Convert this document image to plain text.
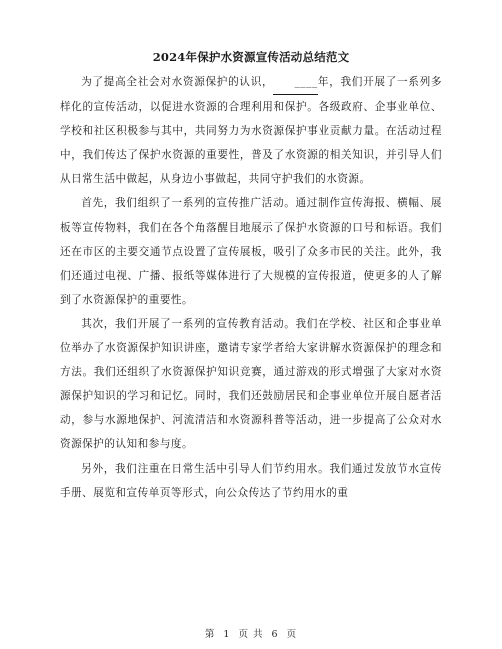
2024年保护水资源宣传活动总结范文

为了提高全社会对水资源保护的认识， ____年，我们开展了一系列多样化的宣传活动，以促进水资源的合理利用和保护。各级政府、企事业单位、学校和社区积极参与其中，共同努力为水资源保护事业贡献力量。在活动过程中，我们传达了保护水资源的重要性，普及了水资源的相关知识，并引导人们从日常生活中做起，从身边小事做起，共同守护我们的水资源。

首先，我们组织了一系列的宣传推广活动。通过制作宣传海报、横幅、展板等宣传物料，我们在各个角落醒目地展示了保护水资源的口号和标语。我们还在市区的主要交通节点设置了宣传展板，吸引了众多市民的关注。此外，我们还通过电视、广播、报纸等媒体进行了大规模的宣传报道，使更多的人了解到了水资源保护的重要性。

其次，我们开展了一系列的宣传教育活动。我们在学校、社区和企事业单位举办了水资源保护知识讲座，邀请专家学者给大家讲解水资源保护的理念和方法。我们还组织了水资源保护知识竞赛，通过游戏的形式增强了大家对水资源保护知识的学习和记忆。同时，我们还鼓励居民和企事业单位开展自愿者活动，参与水源地保护、河流清洁和水资源科普等活动，进一步提高了公众对水资源保护的认知和参与度。

另外，我们注重在日常生活中引导人们节约用水。我们通过发放节水宣传手册、展览和宣传单页等形式，向公众传达了节约用水的重

第 1 页 共 6 页
